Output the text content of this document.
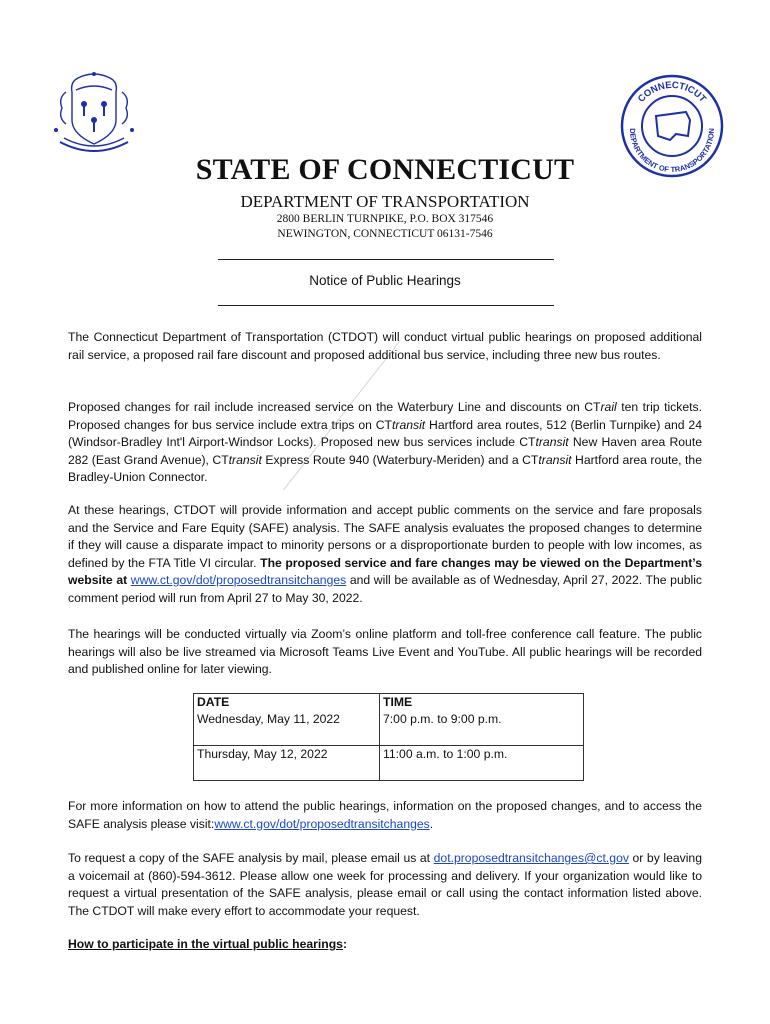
CONNECTICUT
DEPARTMENT OF TRANSPORTATION
STATE OF CONNECTICUT
DEPARTMENT OF TRANSPORTATION
2800 BERLIN TURNPIKE, P.O. BOX 317546
NEWINGTON, CONNECTICUT 06131-7546
Notice of Public Hearings
The Connecticut Department of Transportation (CTDOT) will conduct virtual public hearings on proposed additional rail service, a proposed rail fare discount and proposed additional bus service, including three new bus routes.
Proposed changes for rail include increased service on the Waterbury Line and discounts on CTrail ten trip tickets. Proposed changes for bus service include extra trips on CTtransit Hartford area routes, 512 (Berlin Turnpike) and 24 (Windsor-Bradley Int'l Airport-Windsor Locks). Proposed new bus services include CTtransit New Haven area Route 282 (East Grand Avenue), CTtransit Express Route 940 (Waterbury-Meriden) and a CTtransit Hartford area route, the Bradley-Union Connector.
At these hearings, CTDOT will provide information and accept public comments on the service and fare proposals and the Service and Fare Equity (SAFE) analysis. The SAFE analysis evaluates the proposed changes to determine if they will cause a disparate impact to minority persons or a disproportionate burden to people with low incomes, as defined by the FTA Title VI circular. The proposed service and fare changes may be viewed on the Department’s website at www.ct.gov/dot/proposedtransitchanges and will be available as of Wednesday, April 27, 2022. The public comment period will run from April 27 to May 30, 2022.
The hearings will be conducted virtually via Zoom’s online platform and toll-free conference call feature. The public hearings will also be live streamed via Microsoft Teams Live Event and YouTube. All public hearings will be recorded and published online for later viewing.
DATE	TIME
Wednesday, May 11, 2022	7:00 p.m. to 9:00 p.m.
Thursday, May 12, 2022	11:00 a.m. to 1:00 p.m.
For more information on how to attend the public hearings, information on the proposed changes, and to access the SAFE analysis please visit:www.ct.gov/dot/proposedtransitchanges.
To request a copy of the SAFE analysis by mail, please email us at dot.proposedtransitchanges@ct.gov or by leaving a voicemail at (860)-594-3612. Please allow one week for processing and delivery. If your organization would like to request a virtual presentation of the SAFE analysis, please email or call using the contact information listed above. The CTDOT will make every effort to accommodate your request.
How to participate in the virtual public hearings:
